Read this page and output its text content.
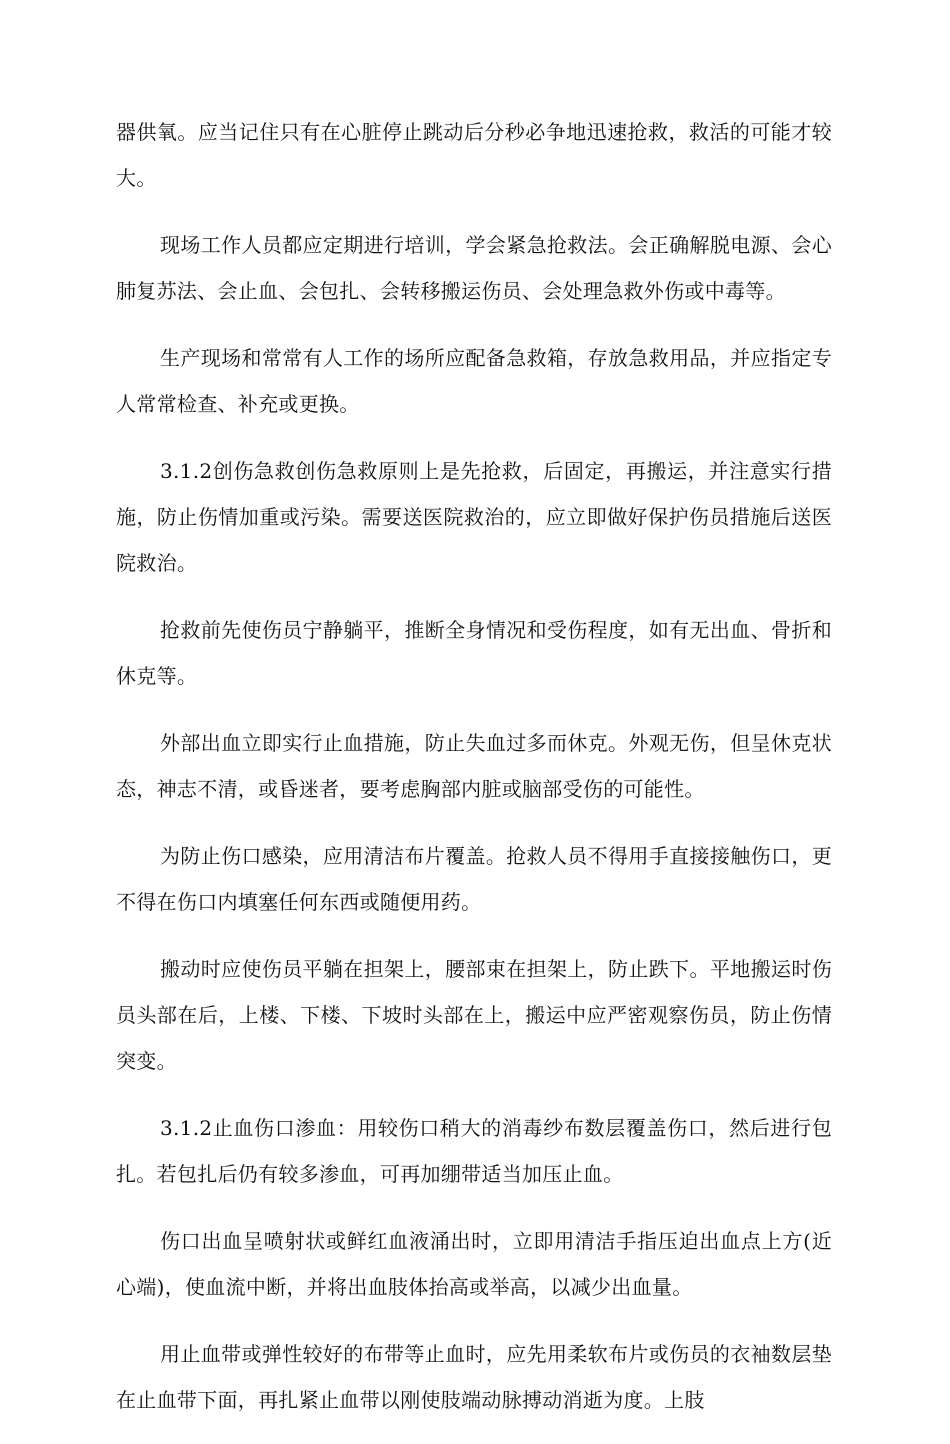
器供氧。应当记住只有在心脏停止跳动后分秒必争地迅速抢救，救活的可能才较大。

现场工作人员都应定期进行培训，学会紧急抢救法。会正确解脱电源、会心肺复苏法、会止血、会包扎、会转移搬运伤员、会处理急救外伤或中毒等。

生产现场和常常有人工作的场所应配备急救箱，存放急救用品，并应指定专人常常检查、补充或更换。

3.1.2创伤急救创伤急救原则上是先抢救，后固定，再搬运，并注意实行措施，防止伤情加重或污染。需要送医院救治的，应立即做好保护伤员措施后送医院救治。

抢救前先使伤员宁静躺平，推断全身情况和受伤程度，如有无出血、骨折和休克等。

外部出血立即实行止血措施，防止失血过多而休克。外观无伤，但呈休克状态，神志不清，或昏迷者，要考虑胸部内脏或脑部受伤的可能性。

为防止伤口感染，应用清洁布片覆盖。抢救人员不得用手直接接触伤口，更不得在伤口内填塞任何东西或随便用药。

搬动时应使伤员平躺在担架上，腰部束在担架上，防止跌下。平地搬运时伤员头部在后，上楼、下楼、下坡时头部在上，搬运中应严密观察伤员，防止伤情突变。

3.1.2止血伤口渗血：用较伤口稍大的消毒纱布数层覆盖伤口，然后进行包扎。若包扎后仍有较多渗血，可再加绷带适当加压止血。

伤口出血呈喷射状或鲜红血液涌出时，立即用清洁手指压迫出血点上方(近心端)，使血流中断，并将出血肢体抬高或举高，以减少出血量。

用止血带或弹性较好的布带等止血时，应先用柔软布片或伤员的衣袖数层垫在止血带下面，再扎紧止血带以刚使肢端动脉搏动消逝为度。上肢
